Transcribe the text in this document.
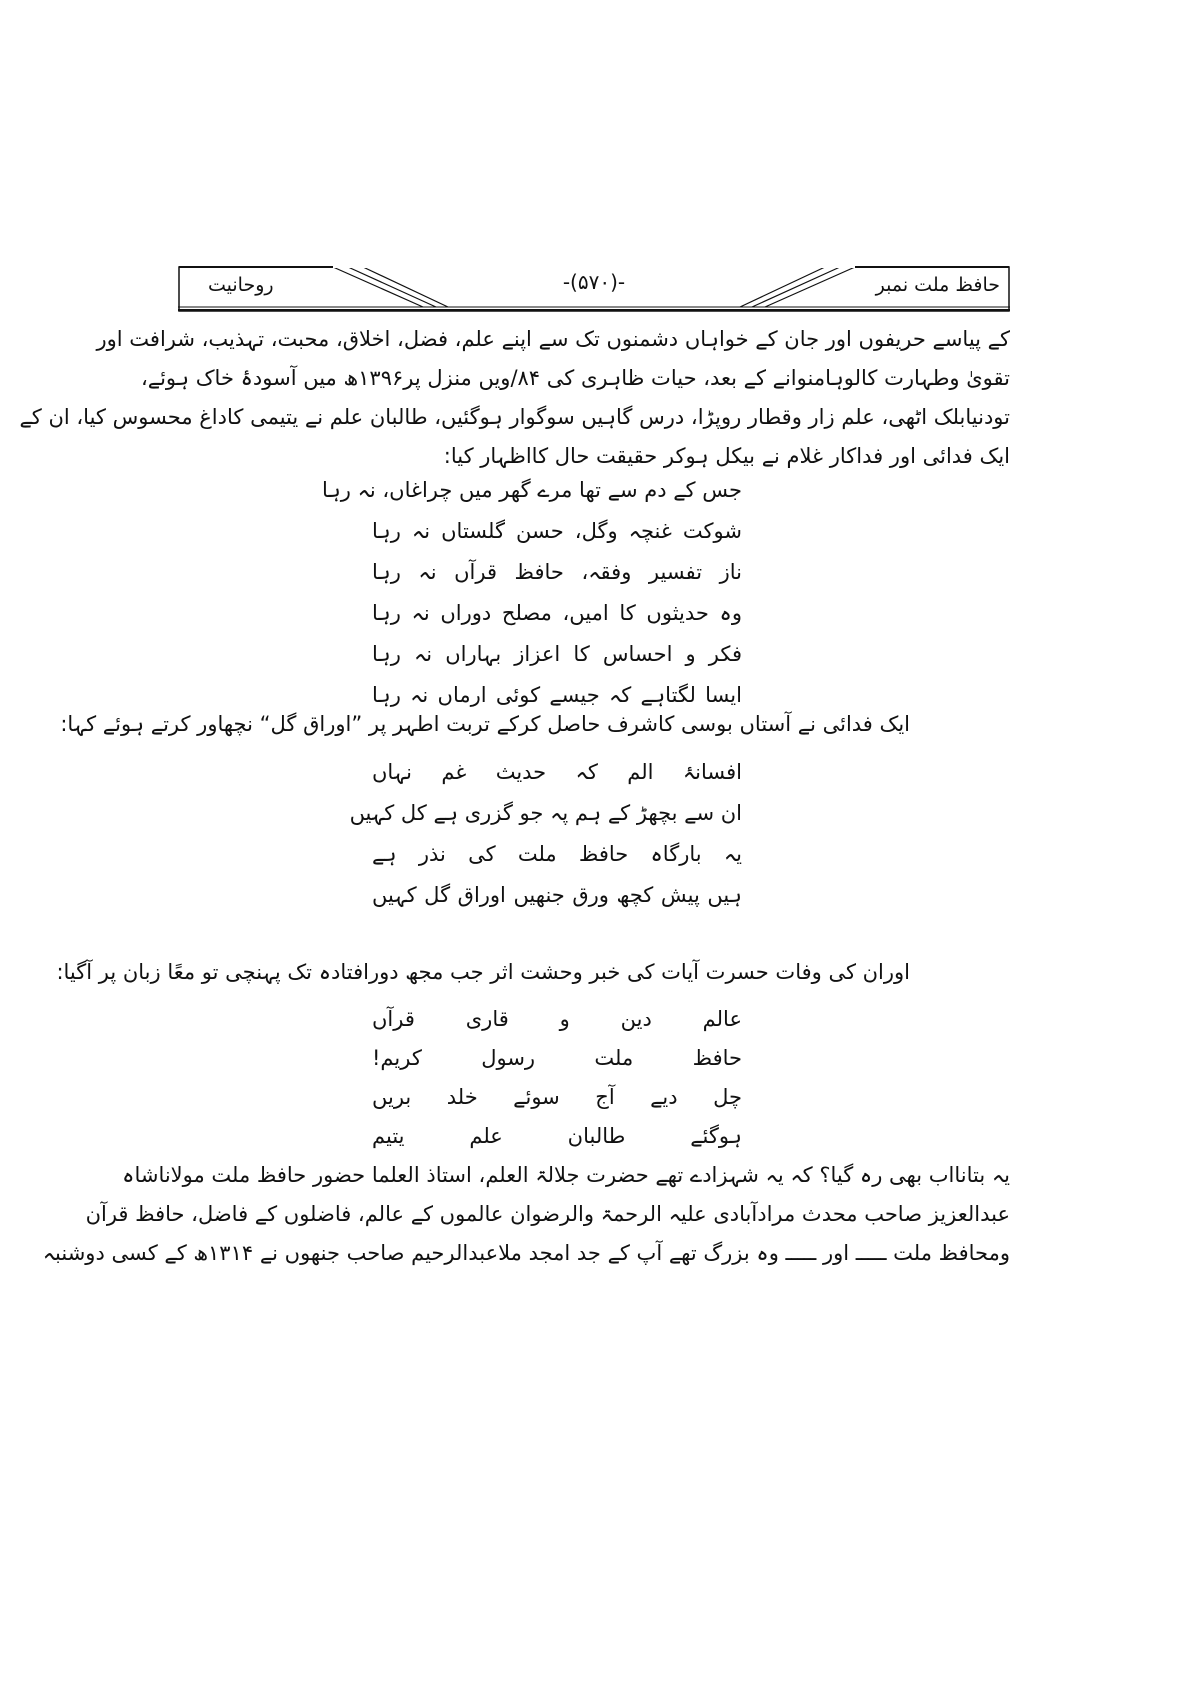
روحانیت	-(۵۷۰)-	حافظ ملت نمبر
کے پیاسے حریفوں اور جان کے خواہاں دشمنوں تک سے اپنے علم، فضل، اخلاق، محبت، تہذیب، شرافت اور
تقویٰ وطہارت کالوہامنوانے کے بعد، حیات ظاہری کی ۸۴/ویں منزل پر۱۳۹۶ھ میں آسودۂ خاک ہوئے،
تودنیابلک اٹھی، علم زار وقطار روپڑا، درس گاہیں سوگوار ہوگئیں، طالبان علم نے یتیمی کاداغ محسوس کیا، ان کے
ایک فدائی اور فداکار غلام نے بیکل ہوکر حقیقت حال کااظہار کیا:
جس کے دم سے تھا مرے گھر میں چراغاں، نہ رہا
شوکت غنچہ وگل، حسن گلستاں نہ رہا
ناز تفسیر وفقہ، حافظ قرآں نہ رہا
وہ حدیثوں کا امیں، مصلح دوراں نہ رہا
فکر و احساس کا اعزاز بہاراں نہ رہا
ایسا لگتاہے کہ جیسے کوئی ارماں نہ رہا
ایک فدائی نے آستاں بوسی کاشرف حاصل کرکے تربت اطہر پر ”اوراق گل“ نچھاور کرتے ہوئے کہا:
افسانۂ الم کہ حدیث غم نہاں
ان سے بچھڑ کے ہم پہ جو گزری ہے کل کہیں
یہ بارگاہ حافظ ملت کی نذر ہے
ہیں پیش کچھ ورق جنھیں اوراق گل کہیں
اوران کی وفات حسرت آیات کی خبر وحشت اثر جب مجھ دورافتادہ تک پہنچی تو معًا زبان پر آگیا:
عالم دین و قاری قرآں
حافظ ملت رسول کریم!
چل دیے آج سوئے خلد بریں
ہوگئے طالبان علم یتیم
یہ بتانااب بھی رہ گیا؟ کہ یہ شہزادے تھے حضرت جلالۃ العلم، استاذ العلما حضور حافظ ملت مولاناشاہ
عبدالعزیز صاحب محدث مرادآبادی علیہ الرحمۃ والرضوان عالموں کے عالم، فاضلوں کے فاضل، حافظ قرآن
ومحافظ ملت ـــــ اور ـــــ وہ بزرگ تھے آپ کے جد امجد ملاعبدالرحیم صاحب جنھوں نے ۱۳۱۴ھ کے کسی دوشنبہ
